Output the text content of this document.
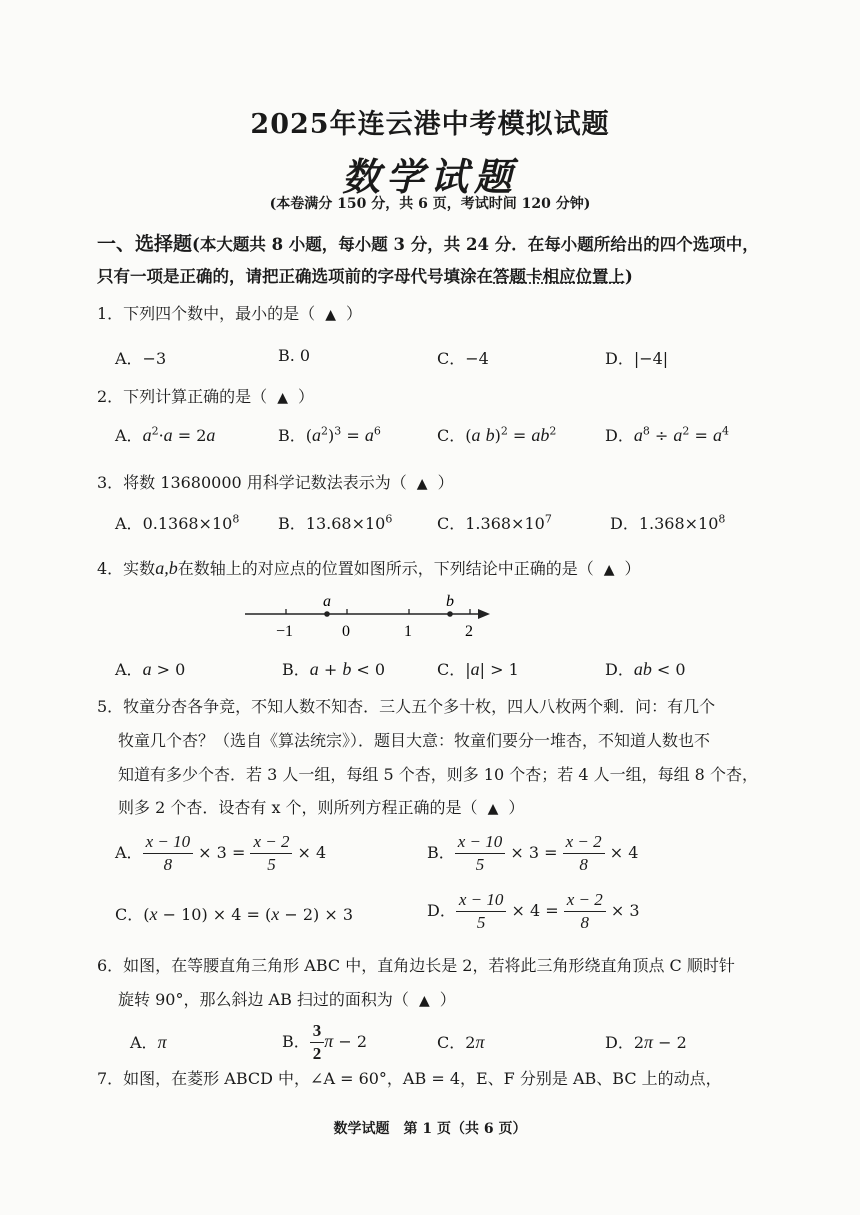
2025年连云港中考模拟试题
数学试题
(本卷满分 150 分，共 6 页，考试时间 120 分钟)
一、选择题(本大题共 8 小题，每小题 3 分，共 24 分．在每小题所给出的四个选项中，
只有一项是正确的，请把正确选项前的字母代号填涂在答题卡相应位置上)
1．下列四个数中，最小的是（ ▲ ）
A．−3	B. 0	C．−4	D．|−4|
2．下列计算正确的是（ ▲ ）
A．$a^2\cdot a = 2a$	B．$(a^2)^3 = a^6$	C．(a $b)^2 = ab^2$	D．$a^8 \div a^2 = a^4$
3．将数 13680000 用科学记数法表示为（ ▲ ）
A．$0.1368\times 10^8$ B．$13.68\times 10^6$	C．$1.368\times 10^7$	D．$1.368\times 10^8$
4．实数a,b在数轴上的对应点的位置如图所示，下列结论中正确的是（ ▲ ）
−1	0	1	2
a	b
A．a > 0	B．a + b < 0	C．|a| > 1	D．ab < 0
5．牧童分杏各争竞，不知人数不知杏．三人五个多十枚，四人八枚两个剩．问：有几个
牧童几个杏？（选自《算法统宗》）．题目大意：牧童们要分一堆杏，不知道人数也不
知道有多少个杏．若 3 人一组，每组 5 个杏，则多 10 个杏；若 4 人一组，每组 8 个杏，
则多 2 个杏．设杏有 x 个，则所列方程正确的是（ ▲ ）
A． $\frac{x - 10}{8} \times 3 = \frac{x - 2}{5} \times 4$	B． $\frac{x - 10}{5} \times 3 = \frac{x - 2}{8} \times 4$
C．(x − 10) × 4 = (x − 2) × 3	D． $\frac{x - 10}{5} \times 4 = \frac{x - 2}{8} \times 3$
6．如图，在等腰直角三角形 ABC 中，直角边长是 2，若将此三角形绕直角顶点 C 顺时针
旋转 90°，那么斜边 AB 扫过的面积为（ ▲ ）
A．π	B． $\frac{3}{2}$ π − 2	C．2π	D．2π − 2
7．如图，在菱形 ABCD 中，∠A = 60°，AB = 4，E、F 分别是 AB、BC 上的动点，
数学试题　第 1 页（共 6 页）
